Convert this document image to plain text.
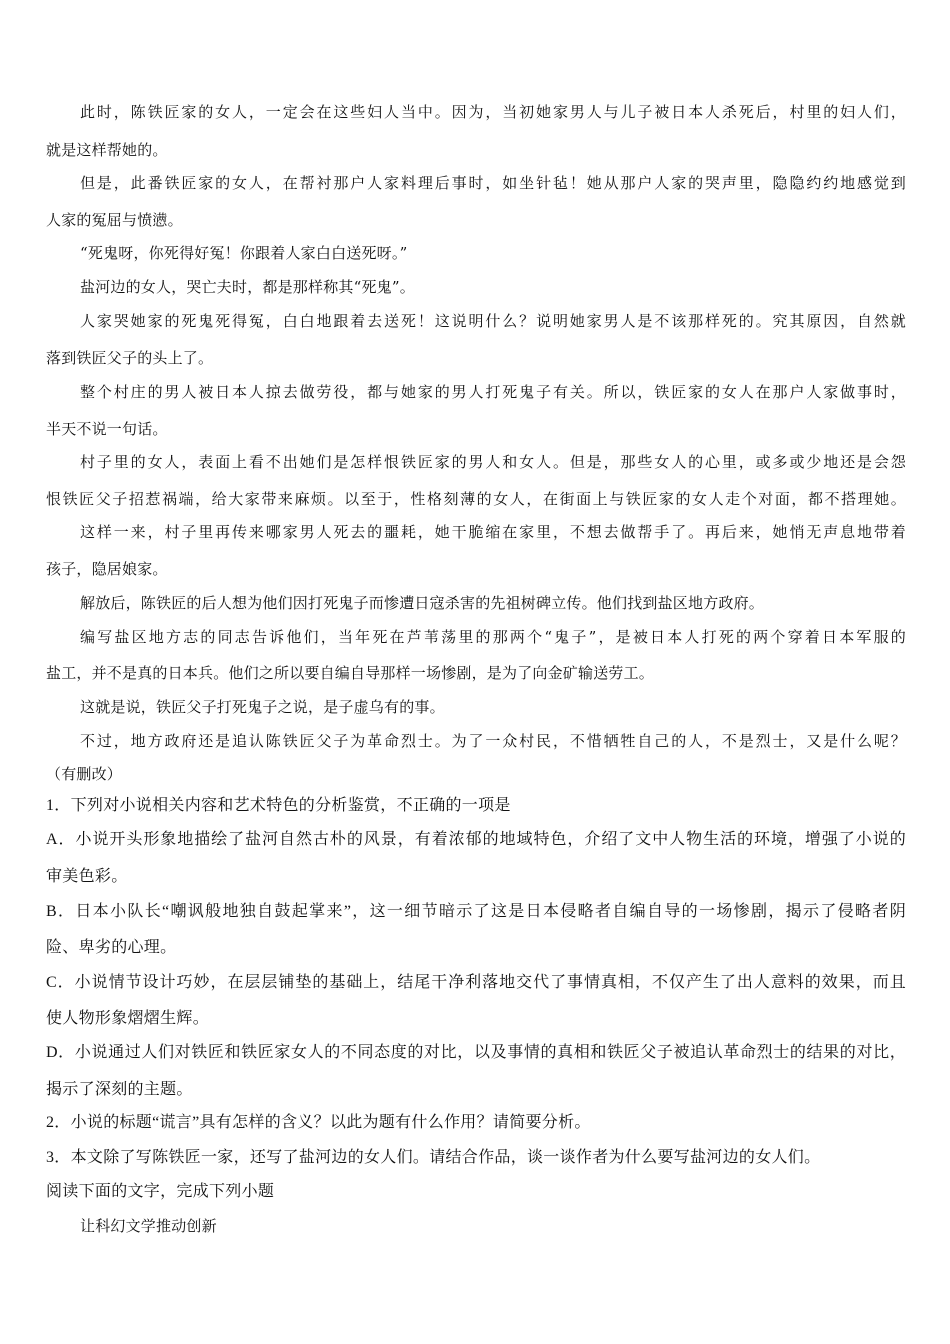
此时，陈铁匠家的女人，一定会在这些妇人当中。因为，当初她家男人与儿子被日本人杀死后，村里的妇人们，
就是这样帮她的。
但是，此番铁匠家的女人，在帮衬那户人家料理后事时，如坐针毡！她从那户人家的哭声里，隐隐约约地感觉到
人家的冤屈与愤懑。
“死鬼呀，你死得好冤！你跟着人家白白送死呀。”
盐河边的女人，哭亡夫时，都是那样称其“死鬼”。
人家哭她家的死鬼死得冤，白白地跟着去送死！这说明什么？说明她家男人是不该那样死的。究其原因，自然就
落到铁匠父子的头上了。
整个村庄的男人被日本人掠去做劳役，都与她家的男人打死鬼子有关。所以，铁匠家的女人在那户人家做事时，
半天不说一句话。
村子里的女人，表面上看不出她们是怎样恨铁匠家的男人和女人。但是，那些女人的心里，或多或少地还是会怨
恨铁匠父子招惹祸端，给大家带来麻烦。以至于，性格刻薄的女人，在街面上与铁匠家的女人走个对面，都不搭理她。
这样一来，村子里再传来哪家男人死去的噩耗，她干脆缩在家里，不想去做帮手了。再后来，她悄无声息地带着
孩子，隐居娘家。
解放后，陈铁匠的后人想为他们因打死鬼子而惨遭日寇杀害的先祖树碑立传。他们找到盐区地方政府。
编写盐区地方志的同志告诉他们，当年死在芦苇荡里的那两个“鬼子”，是被日本人打死的两个穿着日本军服的
盐工，并不是真的日本兵。他们之所以要自编自导那样一场惨剧，是为了向金矿输送劳工。
这就是说，铁匠父子打死鬼子之说，是子虚乌有的事。
不过，地方政府还是追认陈铁匠父子为革命烈士。为了一众村民，不惜牺牲自己的人，不是烈士，又是什么呢？
（有删改）
1．下列对小说相关内容和艺术特色的分析鉴赏，不正确的一项是
A．小说开头形象地描绘了盐河自然古朴的风景，有着浓郁的地域特色，介绍了文中人物生活的环境，增强了小说的
审美色彩。
B．日本小队长“嘲讽般地独自鼓起掌来”，这一细节暗示了这是日本侵略者自编自导的一场惨剧，揭示了侵略者阴
险、卑劣的心理。
C．小说情节设计巧妙，在层层铺垫的基础上，结尾干净利落地交代了事情真相，不仅产生了出人意料的效果，而且
使人物形象熠熠生辉。
D．小说通过人们对铁匠和铁匠家女人的不同态度的对比，以及事情的真相和铁匠父子被追认革命烈士的结果的对比，
揭示了深刻的主题。
2．小说的标题“谎言”具有怎样的含义？以此为题有什么作用？请简要分析。
3．本文除了写陈铁匠一家，还写了盐河边的女人们。请结合作品，谈一谈作者为什么要写盐河边的女人们。
阅读下面的文字，完成下列小题
让科幻文学推动创新
